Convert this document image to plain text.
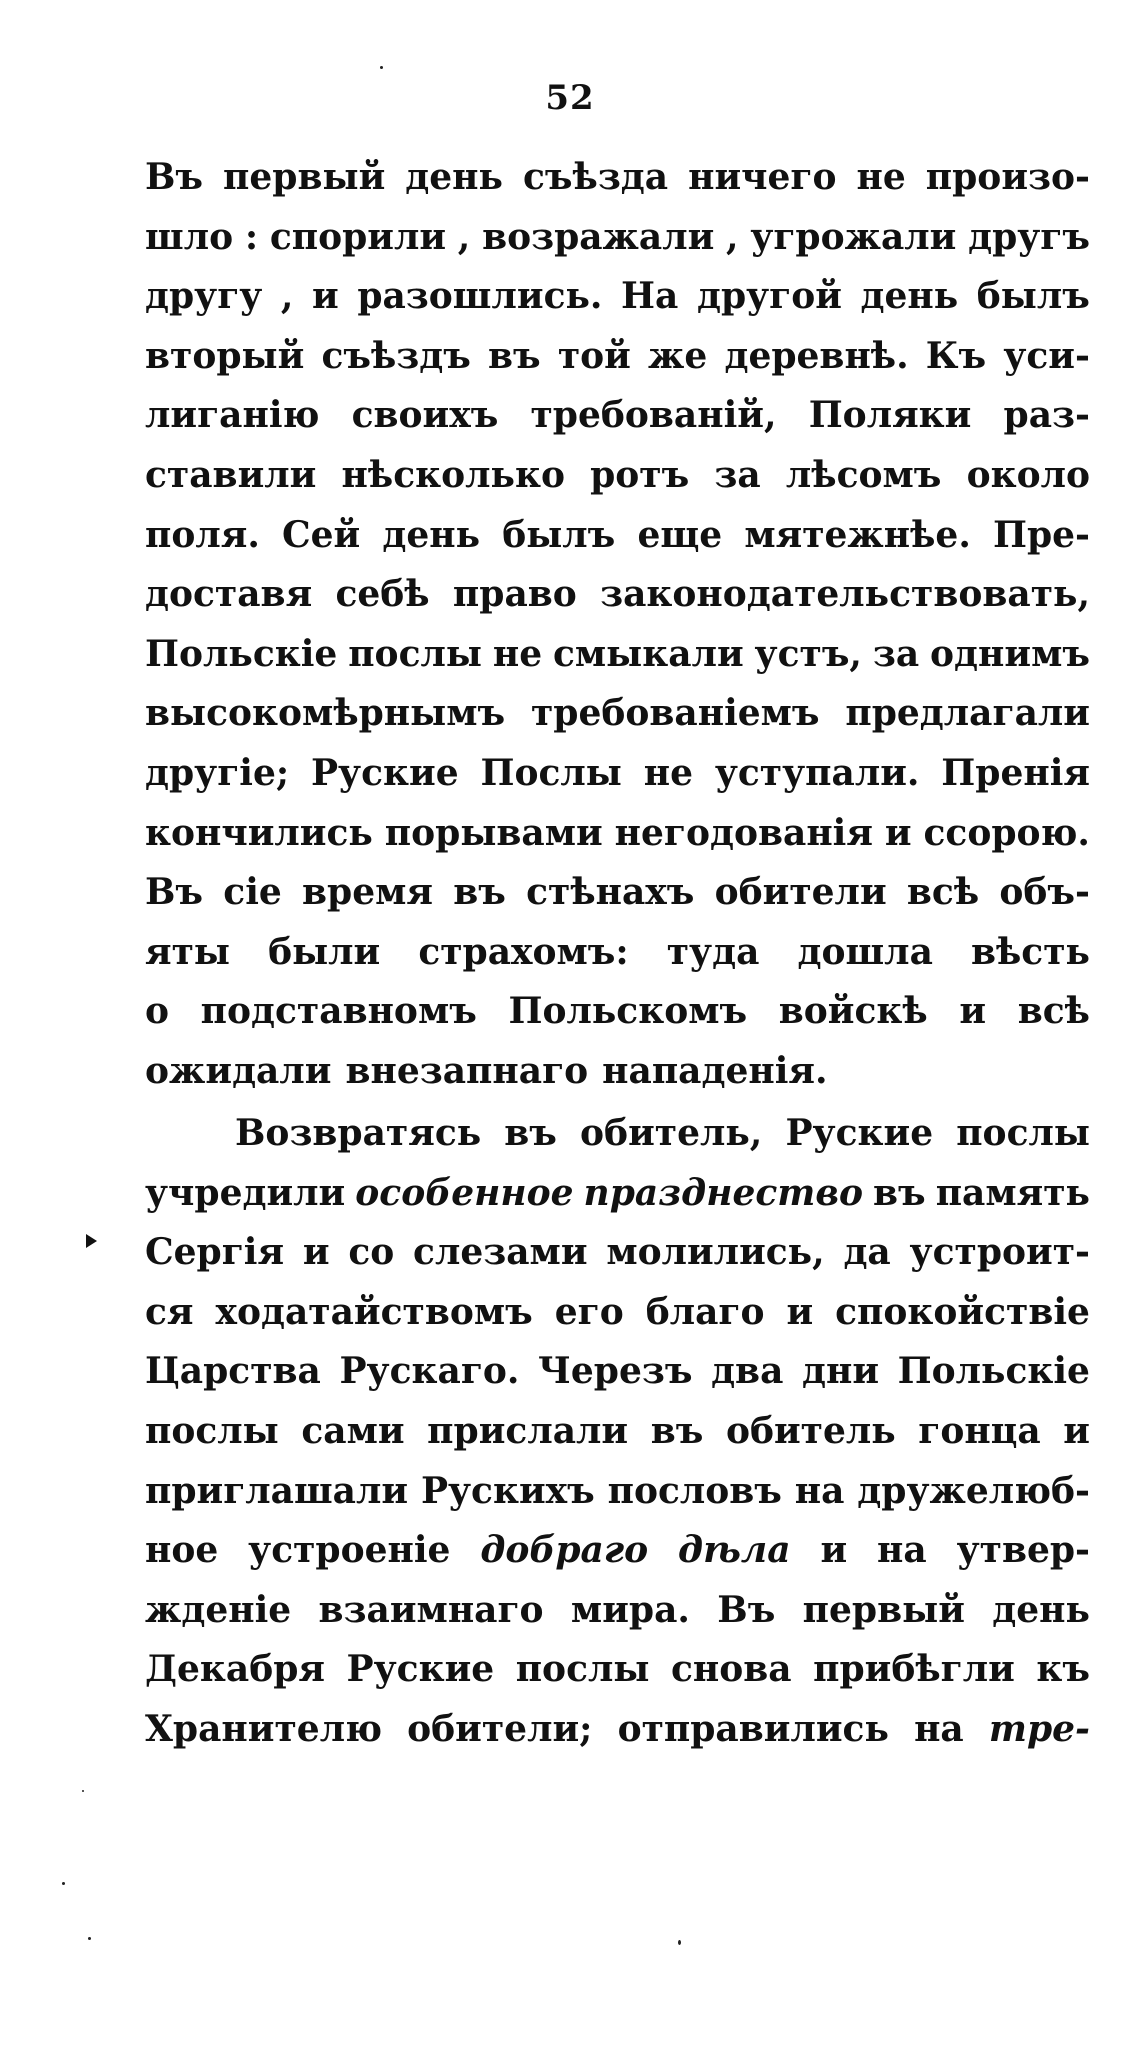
52
Въ первый день съѣзда ничего не произо-
шло : спорили , возражали , угрожали другъ
другу , и разошлись. На другой день былъ
вторый съѣздъ въ той же деревнѣ. Къ уси-
лиганію своихъ требованій, Поляки раз-
ставили нѣсколько ротъ за лѣсомъ около
поля. Сей день былъ еще мятежнѣе. Пре-
доставя себѣ право законодательствовать,
Польскіе послы не смыкали устъ, за однимъ
высокомѣрнымъ требованіемъ предлагали
другіе; Руские Послы не уступали. Пренія
кончились порывами негодованія и ссорою.
Въ сіе время въ стѣнахъ обители всѣ объ-
яты были страхомъ: туда дошла вѣсть
о подставномъ Польскомъ войскѣ и всѣ
ожидали внезапнаго нападенія.
Возвратясь въ обитель, Руские послы
учредили особенное празднество въ память
Сергія и со слезами молились, да устроит-
ся ходатайствомъ его благо и спокойствіе
Царства Рускаго. Черезъ два дни Польскіе
послы сами прислали въ обитель гонца и
приглашали Рускихъ пословъ на дружелюб-
ное устроеніе добраго дѣла и на утвер-
жденіе взаимнаго мира. Въ первый день
Декабря Руские послы снова прибѣгли къ
Хранителю обители; отправились на тре-
